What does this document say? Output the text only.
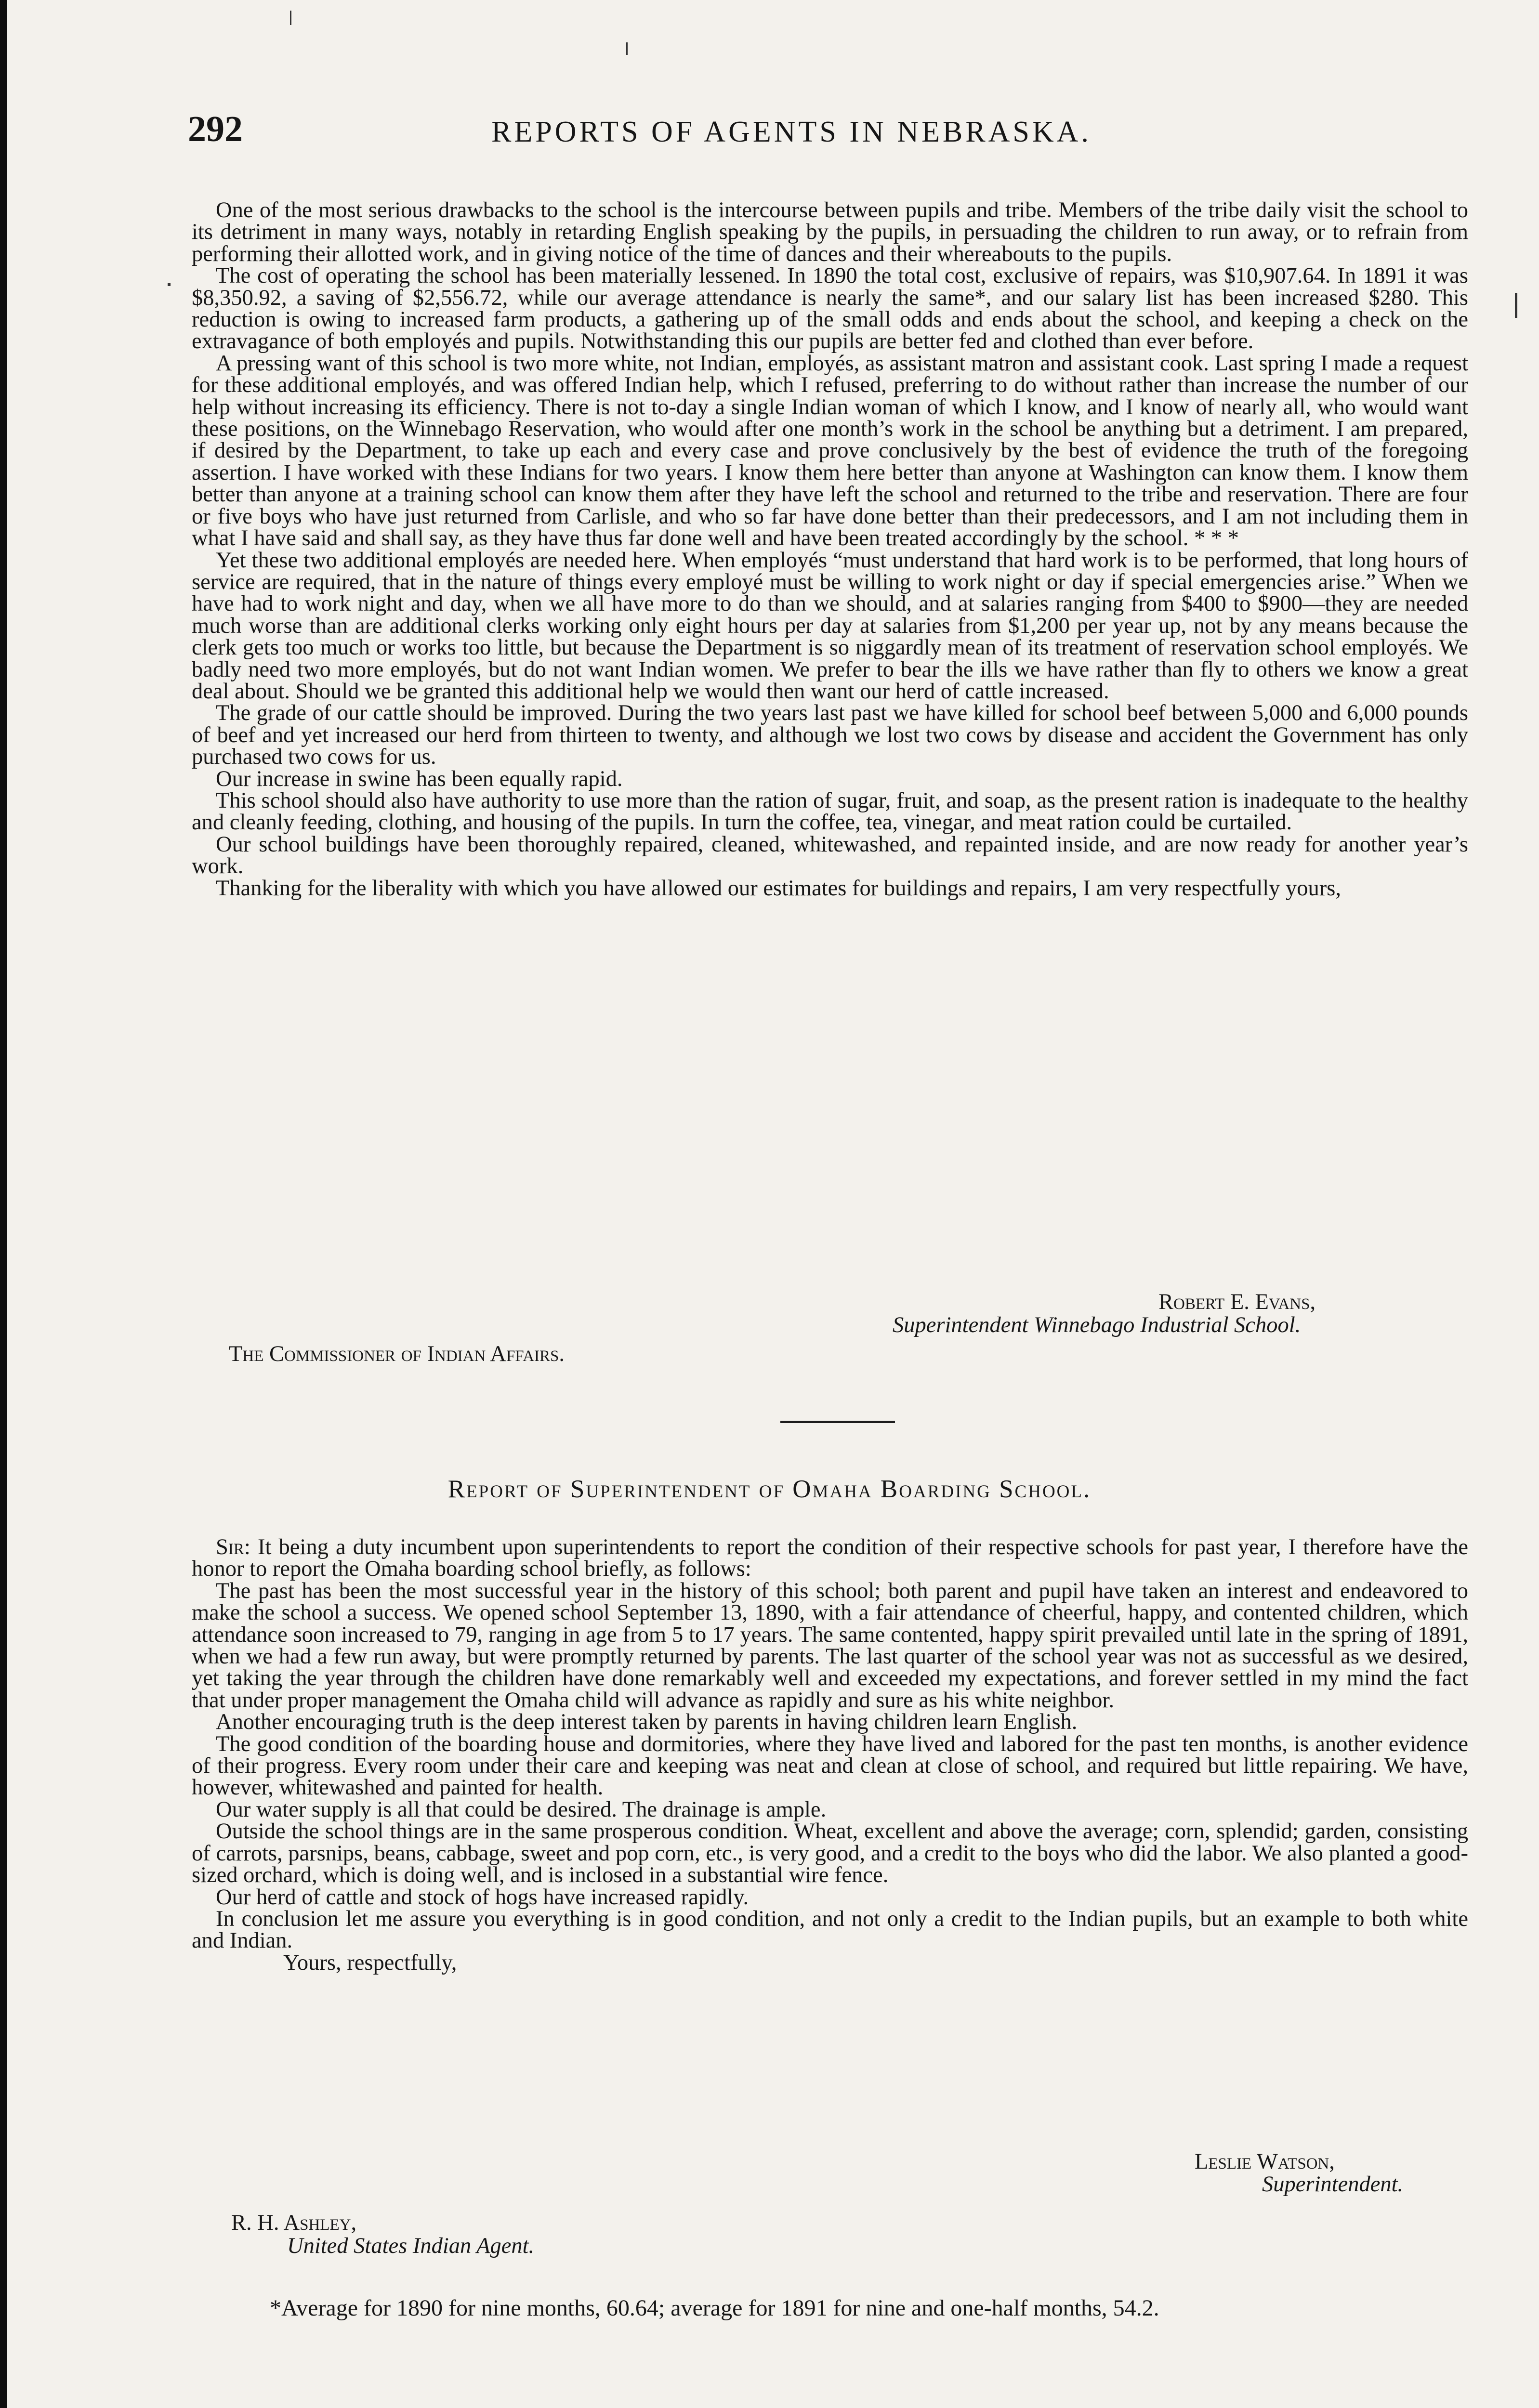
292	REPORTS OF AGENTS IN NEBRASKA.

One of the most serious drawbacks to the school is the intercourse between pupils and tribe. Members of the tribe daily visit the school to its detriment in many ways, notably in retarding English speaking by the pupils, in persuading the children to run away, or to refrain from performing their allotted work, and in giving notice of the time of dances and their whereabouts to the pupils.

The cost of operating the school has been materially lessened. In 1890 the total cost, exclusive of repairs, was $10,907.64. In 1891 it was $8,350.92, a saving of $2,556.72, while our average attendance is nearly the same*, and our salary list has been increased $280. This reduction is owing to increased farm products, a gathering up of the small odds and ends about the school, and keeping a check on the extravagance of both employés and pupils. Notwithstanding this our pupils are better fed and clothed than ever before.

A pressing want of this school is two more white, not Indian, employés, as assistant matron and assistant cook. Last spring I made a request for these additional employés, and was offered Indian help, which I refused, preferring to do without rather than increase the number of our help without increasing its efficiency. There is not to-day a single Indian woman of which I know, and I know of nearly all, who would want these positions, on the Winnebago Reservation, who would after one month’s work in the school be anything but a detriment. I am prepared, if desired by the Department, to take up each and every case and prove conclusively by the best of evidence the truth of the foregoing assertion. I have worked with these Indians for two years. I know them here better than anyone at Washington can know them. I know them better than anyone at a training school can know them after they have left the school and returned to the tribe and reservation. There are four or five boys who have just returned from Carlisle, and who so far have done better than their predecessors, and I am not including them in what I have said and shall say, as they have thus far done well and have been treated accordingly by the school. * * *

Yet these two additional employés are needed here. When employés “must understand that hard work is to be performed, that long hours of service are required, that in the nature of things every employé must be willing to work night or day if special emergencies arise.” When we have had to work night and day, when we all have more to do than we should, and at salaries ranging from $400 to $900—they are needed much worse than are additional clerks working only eight hours per day at salaries from $1,200 per year up, not by any means because the clerk gets too much or works too little, but because the Department is so niggardly mean of its treatment of reservation school employés. We badly need two more employés, but do not want Indian women. We prefer to bear the ills we have rather than fly to others we know a great deal about. Should we be granted this additional help we would then want our herd of cattle increased.

The grade of our cattle should be improved. During the two years last past we have killed for school beef between 5,000 and 6,000 pounds of beef and yet increased our herd from thirteen to twenty, and although we lost two cows by disease and accident the Government has only purchased two cows for us.

Our increase in swine has been equally rapid.

This school should also have authority to use more than the ration of sugar, fruit, and soap, as the present ration is inadequate to the healthy and cleanly feeding, clothing, and housing of the pupils. In turn the coffee, tea, vinegar, and meat ration could be curtailed.

Our school buildings have been thoroughly repaired, cleaned, whitewashed, and repainted inside, and are now ready for another year’s work.

Thanking for the liberality with which you have allowed our estimates for buildings and repairs, I am very respectfully yours,

Robert E. Evans,
Superintendent Winnebago Industrial School.
The Commissioner of Indian Affairs.
Report of Superintendent of Omaha Boarding School.

Sir: It being a duty incumbent upon superintendents to report the condition of their respective schools for past year, I therefore have the honor to report the Omaha boarding school briefly, as follows:

The past has been the most successful year in the history of this school; both parent and pupil have taken an interest and endeavored to make the school a success. We opened school September 13, 1890, with a fair attendance of cheerful, happy, and contented children, which attendance soon increased to 79, ranging in age from 5 to 17 years. The same contented, happy spirit prevailed until late in the spring of 1891, when we had a few run away, but were promptly returned by parents. The last quarter of the school year was not as successful as we desired, yet taking the year through the children have done remarkably well and exceeded my expectations, and forever settled in my mind the fact that under proper management the Omaha child will advance as rapidly and sure as his white neighbor.

Another encouraging truth is the deep interest taken by parents in having children learn English.

The good condition of the boarding house and dormitories, where they have lived and labored for the past ten months, is another evidence of their progress. Every room under their care and keeping was neat and clean at close of school, and required but little repairing. We have, however, whitewashed and painted for health.

Our water supply is all that could be desired. The drainage is ample.

Outside the school things are in the same prosperous condition. Wheat, excellent and above the average; corn, splendid; garden, consisting of carrots, parsnips, beans, cabbage, sweet and pop corn, etc., is very good, and a credit to the boys who did the labor. We also planted a good-sized orchard, which is doing well, and is inclosed in a substantial wire fence.

Our herd of cattle and stock of hogs have increased rapidly.

In conclusion let me assure you everything is in good condition, and not only a credit to the Indian pupils, but an example to both white and Indian.

Yours, respectfully,

Leslie Watson,
Superintendent.
R. H. Ashley,
United States Indian Agent.
*Average for 1890 for nine months, 60.64; average for 1891 for nine and one-half months, 54.2.
